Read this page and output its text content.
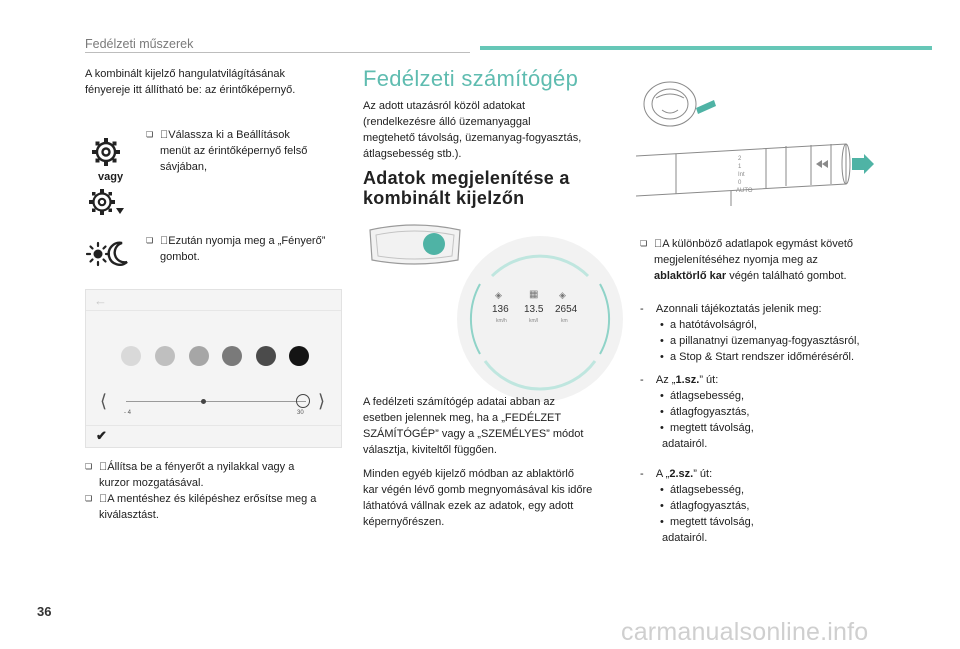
Fedélzeti műszerek
A kombinált kijelző hangulatvilágításának
fényereje itt állítható be: az érintőképernyő.
vagy
❏ Válassza ki a Beállítások
menüt az érintőképernyő felső
sávjában,
❏ Ezután nyomja meg a „Fényerő”
gombot.
←
✔
⟨	⟩
- 4	30
❏ Állítsa be a fényerőt a nyilakkal vagy a
kurzor mozgatásával.
❏ A mentéshez és kilépéshez erősítse meg a
kiválasztást.
Fedélzeti számítógép
Az adott utazásról közöl adatokat
(rendelkezésre álló üzemanyaggal
megtehető távolság, üzemanyag-fogyasztás,
átlagsebesség stb.).
Adatok megjelenítése a
kombinált kijelzőn
◈	▦ ◈
136 13.5 2654
km/h	km/l	km
A fedélzeti számítógép adatai abban az
esetben jelennek meg, ha a „FEDÉLZET
SZÁMÍTÓGÉP” vagy a „SZEMÉLYES” módot
választja, kiviteltől függően.
Minden egyéb kijelző módban az ablaktörlő
kar végén lévő gomb megnyomásával kis időre
láthatóvá vállnak ezek az adatok, egy adott
képernyőrészen.
2
1
Int
0
AUTO
❏ A különböző adatlapok egymást követő
megjelenítéséhez nyomja meg az
ablaktörlő kar végén található gombot.
-    Azonnali tájékoztatás jelenik meg:
• a hatótávolságról,
• a pillanatnyi üzemanyag-fogyasztásról,
• a Stop & Start rendszer időméréséről.
-    Az „1.sz.” út:
• átlagsebesség,
• átlagfogyasztás,
• megtett távolság,
adatairól.
-    A „2.sz.” út:
• átlagsebesség,
• átlagfogyasztás,
• megtett távolság,
adatairól.
36
carmanualsonline.info
